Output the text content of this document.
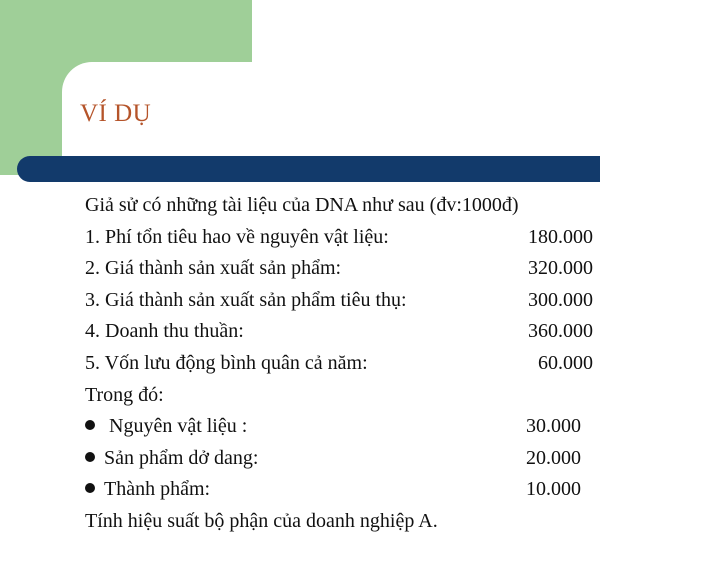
VÍ DỤ
Giả sử có những tài liệu của DNA như sau (đv:1000đ)
1. Phí tổn tiêu hao về nguyên vật liệu:	180.000
2. Giá thành sản xuất sản phẩm:	320.000
3. Giá thành sản xuất sản phẩm tiêu thụ:	300.000
4. Doanh thu thuần:	360.000
5. Vốn lưu động bình quân cả năm:	60.000
Trong đó:
Nguyên vật liệu :	30.000
Sản phẩm dở dang:	20.000
Thành phẩm:	10.000
Tính hiệu suất bộ phận của doanh nghiệp A.
